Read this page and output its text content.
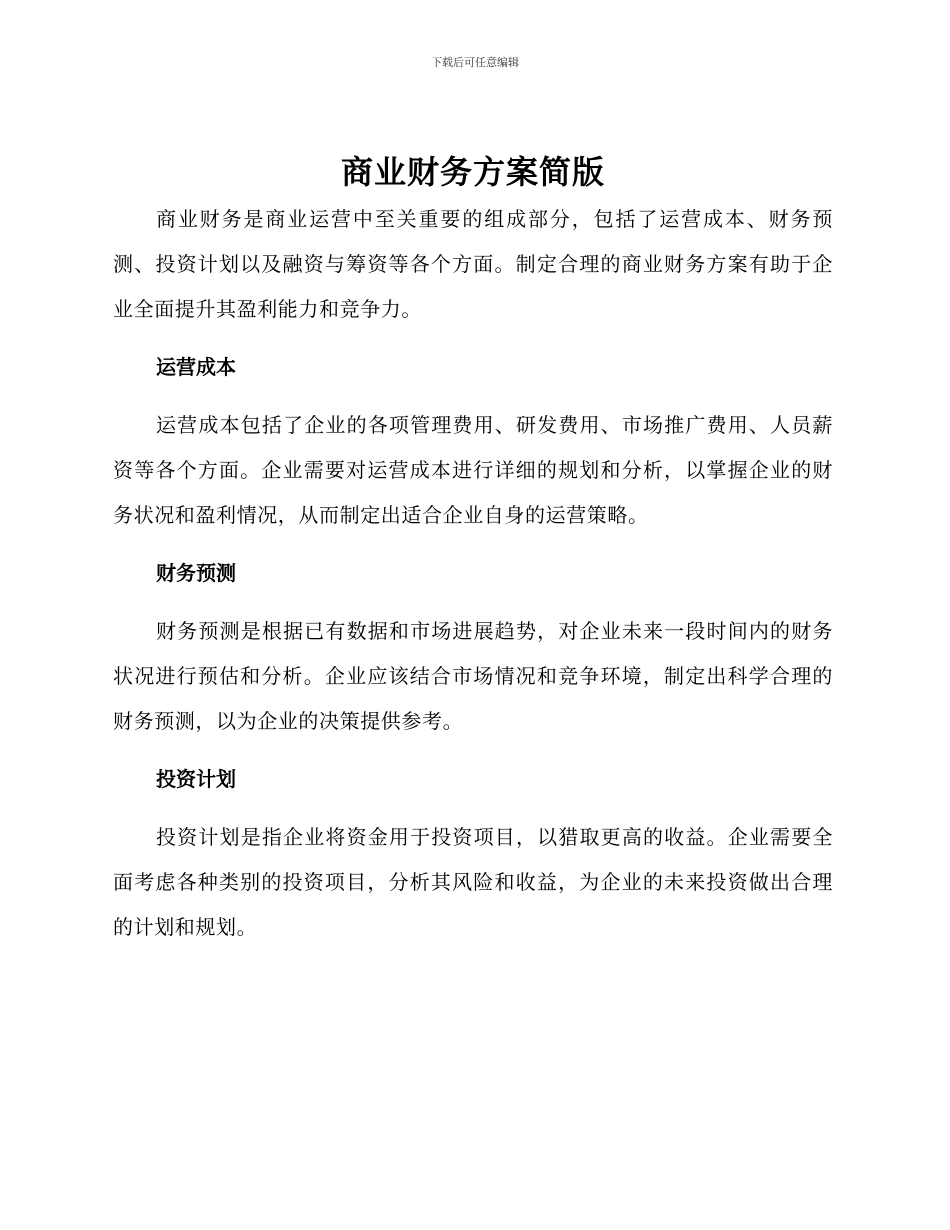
下载后可任意编辑
商业财务方案简版

商业财务是商业运营中至关重要的组成部分，包括了运营成本、财务预测、投资计划以及融资与筹资等各个方面。制定合理的商业财务方案有助于企业全面提升其盈利能力和竞争力。

运营成本

运营成本包括了企业的各项管理费用、研发费用、市场推广费用、人员薪资等各个方面。企业需要对运营成本进行详细的规划和分析，以掌握企业的财务状况和盈利情况，从而制定出适合企业自身的运营策略。

财务预测

财务预测是根据已有数据和市场进展趋势，对企业未来一段时间内的财务状况进行预估和分析。企业应该结合市场情况和竞争环境，制定出科学合理的财务预测，以为企业的决策提供参考。

投资计划

投资计划是指企业将资金用于投资项目，以猎取更高的收益。企业需要全面考虑各种类别的投资项目，分析其风险和收益，为企业的未来投资做出合理的计划和规划。
